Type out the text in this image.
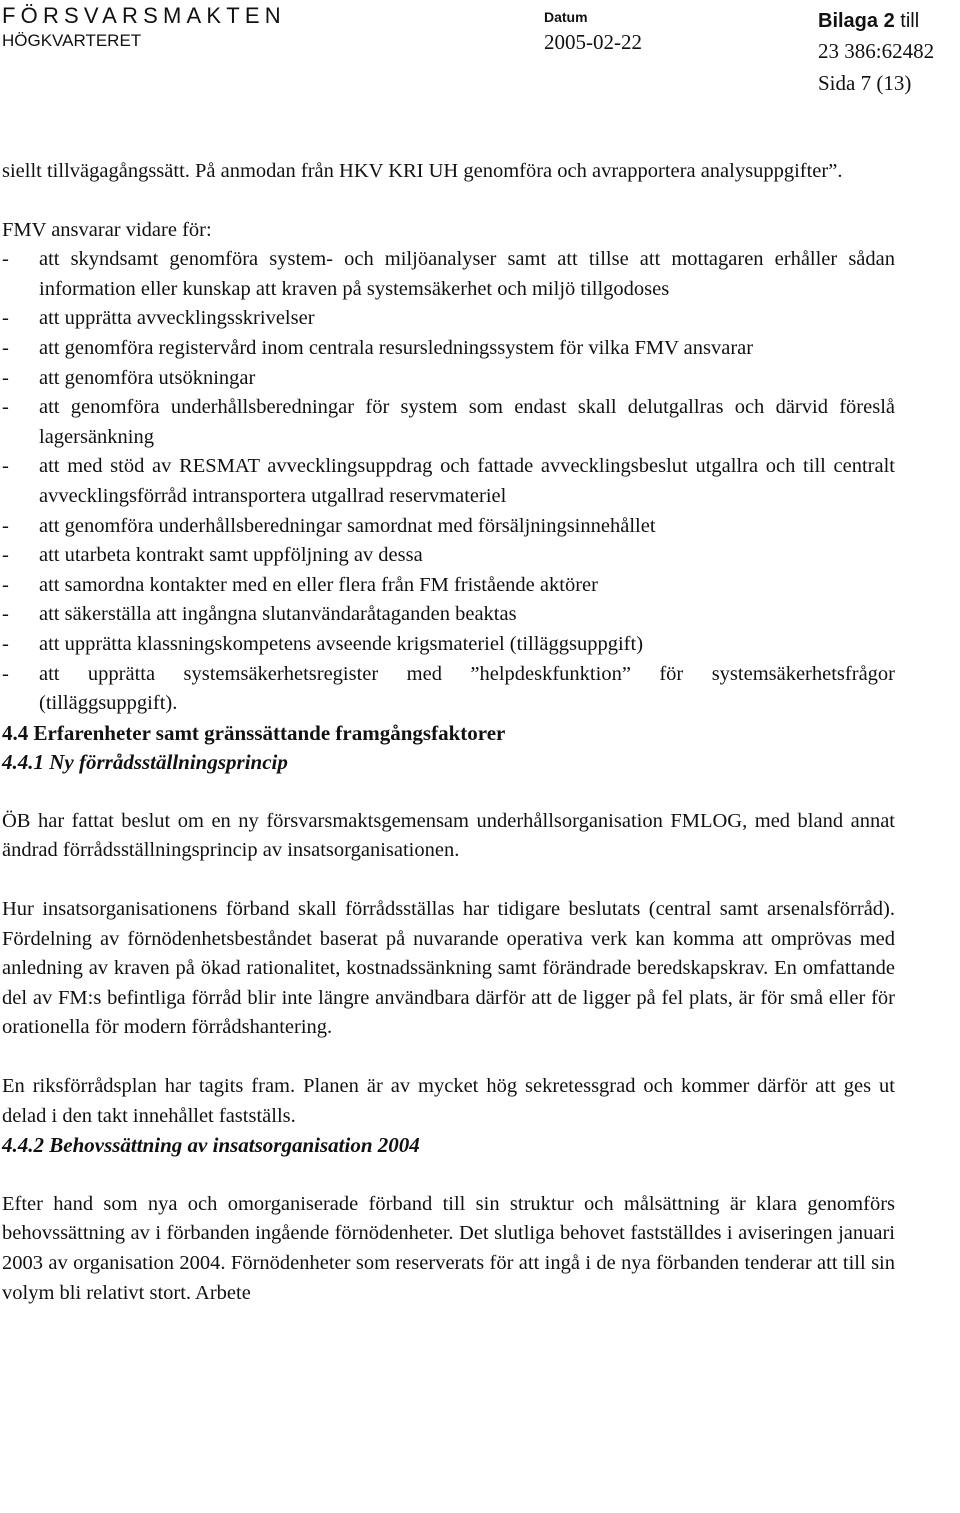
FÖRSVARSMAKTEN
HÖGKVARTERET
Datum
2005-02-22
Bilaga 2 till
23 386:62482
Sida 7 (13)

siellt tillvägagångssätt. På anmodan från HKV KRI UH genomföra och avrapportera analysuppgifter”.

FMV ansvarar vidare för:

- att skyndsamt genomföra system- och miljöanalyser samt att tillse att mottagaren erhåller sådan information eller kunskap att kraven på systemsäkerhet och miljö tillgodoses
- att upprätta avvecklingsskrivelser
- att genomföra registervård inom centrala resursledningssystem för vilka FMV ansvarar
- att genomföra utsökningar
- att genomföra underhållsberedningar för system som endast skall delutgallras och därvid föreslå lagersänkning
- att med stöd av RESMAT avvecklingsuppdrag och fattade avvecklingsbeslut utgallra och till centralt avvecklingsförråd intransportera utgallrad reservmateriel
- att genomföra underhållsberedningar samordnat med försäljningsinnehållet
- att utarbeta kontrakt samt uppföljning av dessa
- att samordna kontakter med en eller flera från FM fristående aktörer
- att säkerställa att ingångna slutanvändaråtaganden beaktas
- att upprätta klassningskompetens avseende krigsmateriel (tilläggsuppgift)
- att upprätta systemsäkerhetsregister med ”helpdeskfunktion” för systemsäkerhetsfrågor (tilläggsuppgift).
4.4 Erfarenheter samt gränssättande framgångsfaktorer
4.4.1 Ny förrådsställningsprincip

ÖB har fattat beslut om en ny försvarsmaktsgemensam underhållsorganisation FMLOG, med bland annat ändrad förrådsställningsprincip av insatsorganisationen.

Hur insatsorganisationens förband skall förrådsställas har tidigare beslutats (central samt arsenalsförråd). Fördelning av förnödenhetsbeståndet baserat på nuvarande operativa verk kan komma att omprövas med anledning av kraven på ökad rationalitet, kostnadssänkning samt förändrade beredskapskrav. En omfattande del av FM:s befintliga förråd blir inte längre användbara därför att de ligger på fel plats, är för små eller för orationella för modern förrådshantering.

En riksförrådsplan har tagits fram. Planen är av mycket hög sekretessgrad och kommer därför att ges ut delad i den takt innehållet fastställs.

4.4.2 Behovssättning av insatsorganisation 2004

Efter hand som nya och omorganiserade förband till sin struktur och målsättning är klara genomförs behovssättning av i förbanden ingående förnödenheter. Det slutliga behovet fastställdes i aviseringen januari 2003 av organisation 2004. Förnödenheter som reserverats för att ingå i de nya förbanden tenderar att till sin volym bli relativt stort. Arbete
